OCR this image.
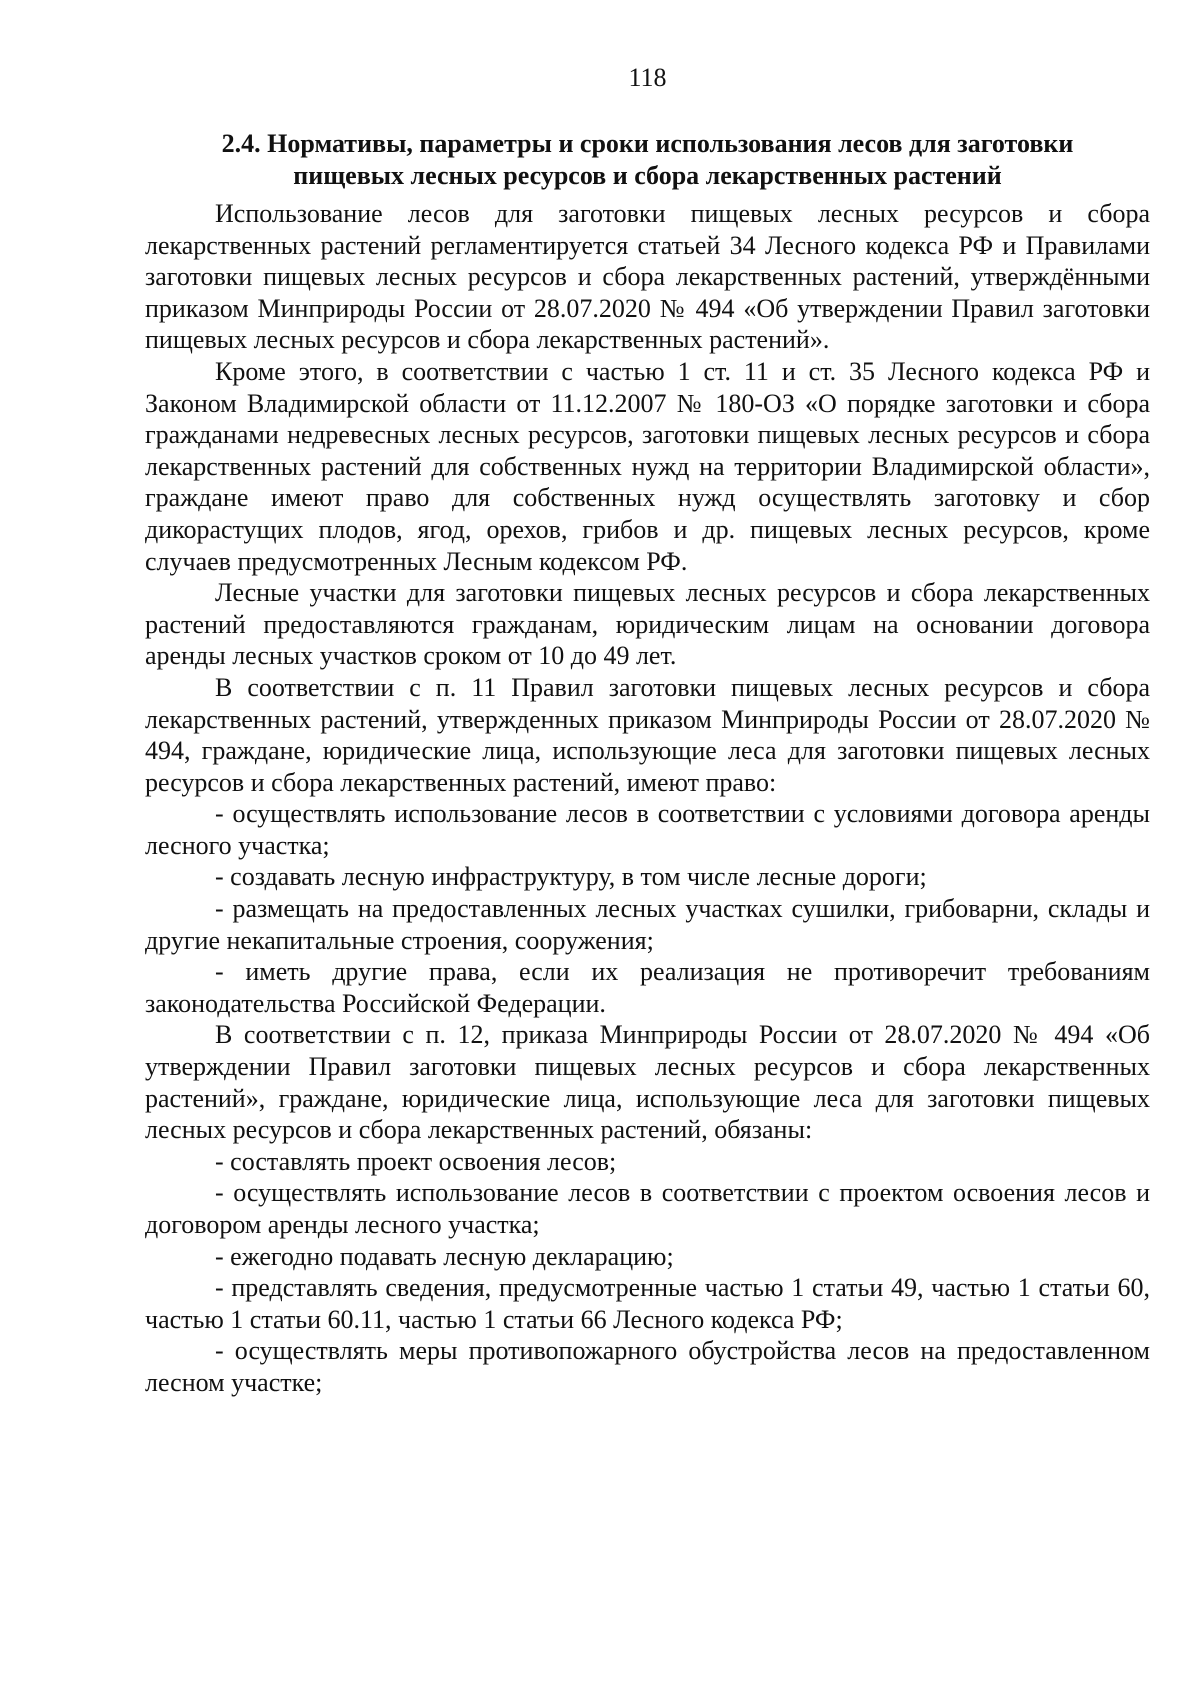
118
2.4. Нормативы, параметры и сроки использования лесов для заготовки
пищевых лесных ресурсов и сбора лекарственных растений

Использование лесов для заготовки пищевых лесных ресурсов и сбора лекарственных растений регламентируется статьей 34 Лесного кодекса РФ и Правилами заготовки пищевых лесных ресурсов и сбора лекарственных растений, утверждёнными приказом Минприроды России от 28.07.2020 № 494 «Об утверждении Правил заготовки пищевых лесных ресурсов и сбора лекарственных растений».

Кроме этого, в соответствии с частью 1 ст. 11 и ст. 35 Лесного кодекса РФ и Законом Владимирской области от 11.12.2007 № 180-ОЗ «О порядке заготовки и сбора гражданами недревесных лесных ресурсов, заготовки пищевых лесных ресурсов и сбора лекарственных растений для собственных нужд на территории Владимирской области», граждане имеют право для собственных нужд осуществлять заготовку и сбор дикорастущих плодов, ягод, орехов, грибов и др. пищевых лесных ресурсов, кроме случаев предусмотренных Лесным кодексом РФ.

Лесные участки для заготовки пищевых лесных ресурсов и сбора лекарственных растений предоставляются гражданам, юридическим лицам на основании договора аренды лесных участков сроком от 10 до 49 лет.

В соответствии с п. 11 Правил заготовки пищевых лесных ресурсов и сбора лекарственных растений, утвержденных приказом Минприроды России от 28.07.2020 № 494, граждане, юридические лица, использующие леса для заготовки пищевых лесных ресурсов и сбора лекарственных растений, имеют право:

- осуществлять использование лесов в соответствии с условиями договора аренды лесного участка;

- создавать лесную инфраструктуру, в том числе лесные дороги;

- размещать на предоставленных лесных участках сушилки, грибоварни, склады и другие некапитальные строения, сооружения;

- иметь другие права, если их реализация не противоречит требованиям законодательства Российской Федерации.

В соответствии с п. 12, приказа Минприроды России от 28.07.2020 № 494 «Об утверждении Правил заготовки пищевых лесных ресурсов и сбора лекарственных растений», граждане, юридические лица, использующие леса для заготовки пищевых лесных ресурсов и сбора лекарственных растений, обязаны:

- составлять проект освоения лесов;

- осуществлять использование лесов в соответствии с проектом освоения лесов и договором аренды лесного участка;

- ежегодно подавать лесную декларацию;

- представлять сведения, предусмотренные частью 1 статьи 49, частью 1 статьи 60, частью 1 статьи 60.11, частью 1 статьи 66 Лесного кодекса РФ;

- осуществлять меры противопожарного обустройства лесов на предоставленном лесном участке;
